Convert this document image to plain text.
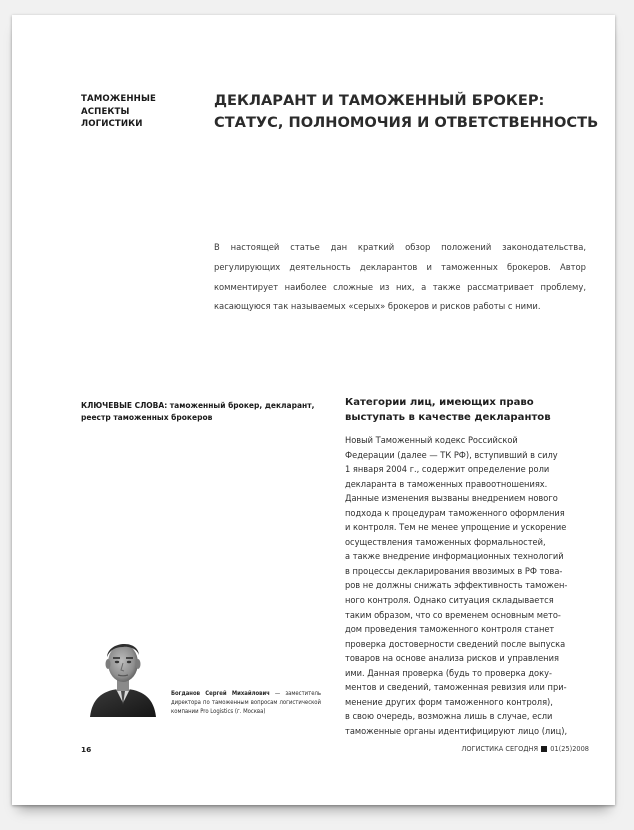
ТАМОЖЕННЫЕ
АСПЕКТЫ
ЛОГИСТИКИ
ДЕКЛАРАНТ И ТАМОЖЕННЫЙ БРОКЕР:
СТАТУС, ПОЛНОМОЧИЯ И ОТВЕТСТВЕННОСТЬ

В настоящей статье дан краткий обзор положений законодательства, регулирующих деятельность декларантов и таможенных брокеров. Автор комментирует наиболее сложные из них, а также рассматривает проблему, касающуюся так называемых «серых» брокеров и рисков работы с ними.

КЛЮЧЕВЫЕ СЛОВА: таможенный брокер, декларант, реестр таможенных брокеров

Богданов Сергей Михайлович — заместитель директора по таможенным вопросам логистической компании Pro Logistics (г. Москва)

Категории лиц, имеющих право выступать в качестве декларантов
Новый Таможенный кодекс Российской
Федерации (далее — ТК РФ), вступивший в силу
1 января 2004 г., содержит определение роли
декларанта в таможенных правоотношениях.
Данные изменения вызваны внедрением нового
подхода к процедурам таможенного оформления
и контроля. Тем не менее упрощение и ускорение
осуществления таможенных формальностей,
а также внедрение информационных технологий
в процессы декларирования ввозимых в РФ това-
ров не должны снижать эффективность таможен-
ного контроля. Однако ситуация складывается
таким образом, что со временем основным мето-
дом проведения таможенного контроля станет
проверка достоверности сведений после выпуска
товаров на основе анализа рисков и управления
ими. Данная проверка (будь то проверка доку-
ментов и сведений, таможенная ревизия или при-
менение других форм таможенного контроля),
в свою очередь, возможна лишь в случае, если
таможенные органы идентифицируют лицо (лиц),

16	ЛОГИСТИКА СЕГОДНЯ 01(25)2008
